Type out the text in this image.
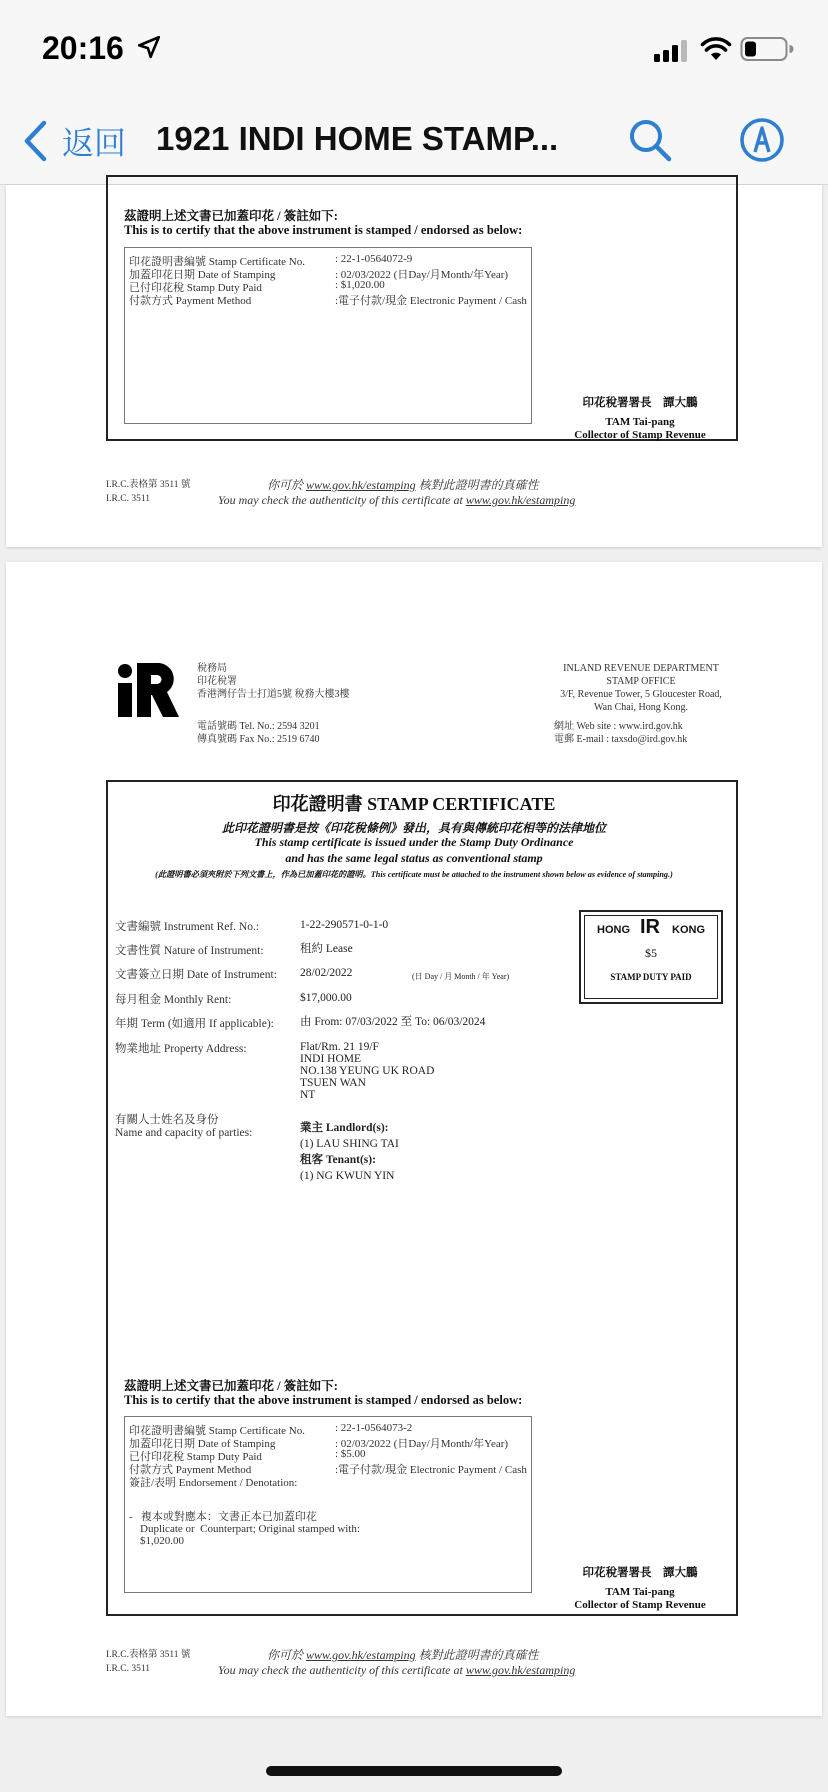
20:16
返回 1921 INDI HOME STAMP...
茲證明上述文書已加蓋印花 / 簽註如下:
This is to certify that the above instrument is stamped / endorsed as below:
印花證明書編號 Stamp Certificate No.	: 22-1-0564072-9
加蓋印花日期 Date of Stamping	: 02/03/2022 (日Day/月Month/年Year)
已付印花稅 Stamp Duty Paid	: $1,020.00
付款方式 Payment Method	:電子付款/現金 Electronic Payment / Cash
印花稅署署長　譚大鵬
TAM Tai-pang
Collector of Stamp Revenue
I.R.C.表格第 3511 號
I.R.C. 3511
你可於 www.gov.hk/estamping 核對此證明書的真確性
You may check the authenticity of this certificate at www.gov.hk/estamping
稅務局
印花稅署
香港灣仔告士打道5號 稅務大樓3樓
INLAND REVENUE DEPARTMENT
STAMP OFFICE
3/F, Revenue Tower, 5 Gloucester Road,
Wan Chai, Hong Kong.
電話號碼 Tel. No.: 2594 3201
傳真號碼 Fax No.: 2519 6740
網址 Web site : www.ird.gov.hk
電郵 E-mail : taxsdo@ird.gov.hk
印花證明書 STAMP CERTIFICATE
此印花證明書是按《印花稅條例》發出，具有與傳統印花相等的法律地位
This stamp certificate is issued under the Stamp Duty Ordinance
and has the same legal status as conventional stamp
(此證明書必須夾附於下列文書上，作為已加蓋印花的證明。This certificate must be attached to the instrument shown below as evidence of stamping.)
文書編號 Instrument Ref. No.:	1-22-290571-0-1-0
文書性質 Nature of Instrument:	租約 Lease
文書簽立日期 Date of Instrument: 28/02/2022	(日 Day / 月 Month / 年 Year)
每月租金 Monthly Rent:	$17,000.00
年期 Term (如適用 If applicable): 由 From: 07/03/2022 至 To: 06/03/2024
物業地址 Property Address:	Flat/Rm. 21 19/F
INDI HOME
NO.138 YEUNG UK ROAD
TSUEN WAN
NT
有關人士姓名及身份
Name and capacity of parties:	業主 Landlord(s):
(1) LAU SHING TAI
租客 Tenant(s):
(1) NG KWUN YIN
HONG IR KONG
$5
STAMP DUTY PAID
茲證明上述文書已加蓋印花 / 簽註如下:
This is to certify that the above instrument is stamped / endorsed as below:
印花證明書編號 Stamp Certificate No.	: 22-1-0564073-2
加蓋印花日期 Date of Stamping	: 02/03/2022 (日Day/月Month/年Year)
已付印花稅 Stamp Duty Paid	: $5.00
付款方式 Payment Method	:電子付款/現金 Electronic Payment / Cash
簽註/表明 Endorsement / Denotation:

-   複本或對應本：文書正本已加蓋印花
Duplicate or  Counterpart; Original stamped with:
$1,020.00

印花稅署署長　譚大鵬
TAM Tai-pang
Collector of Stamp Revenue
I.R.C.表格第 3511 號
I.R.C. 3511
你可於 www.gov.hk/estamping 核對此證明書的真確性
You may check the authenticity of this certificate at www.gov.hk/estamping
